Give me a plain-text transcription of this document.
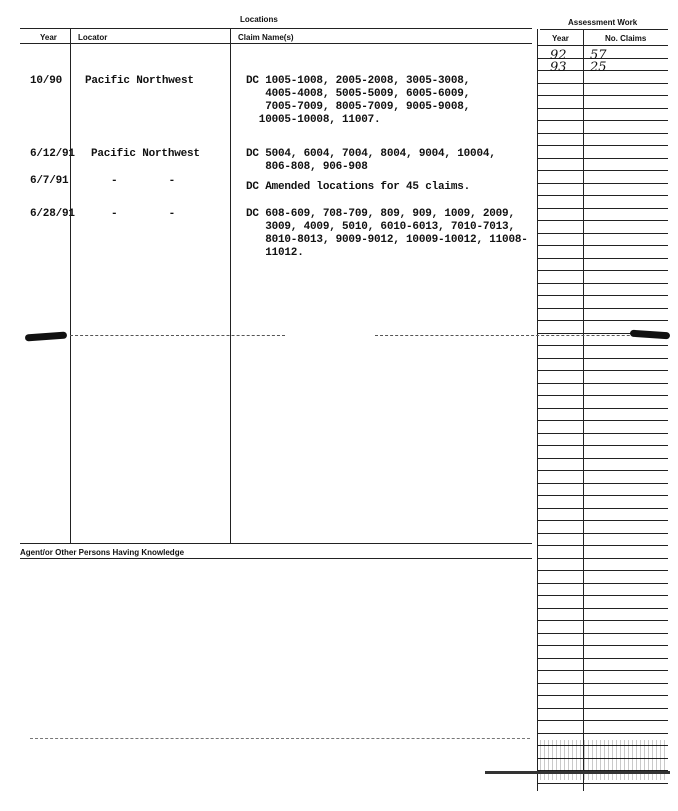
Locations	Assessment Work
Year	Locator	Claim Name(s)	Year	No. Claims
92 57
93 25
10/90 Pacific Northwest	DC 1005-1008, 2005-2008, 3005-3008,
4005-4008, 5005-5009, 6005-6009,
7005-7009, 8005-7009, 9005-9008,
10005-10008, 11007.
6/12/91 Pacific Northwest	DC 5004, 6004, 7004, 8004, 9004, 10004,
806-808, 906-908
6/7/91	-        -	DC Amended locations for 45 claims.
6/28/91	-        -	DC 608-609, 708-709, 809, 909, 1009, 2009,
3009, 4009, 5010, 6010-6013, 7010-7013,
8010-8013, 9009-9012, 10009-10012, 11008-
11012.
Agent/or Other Persons Having Knowledge
